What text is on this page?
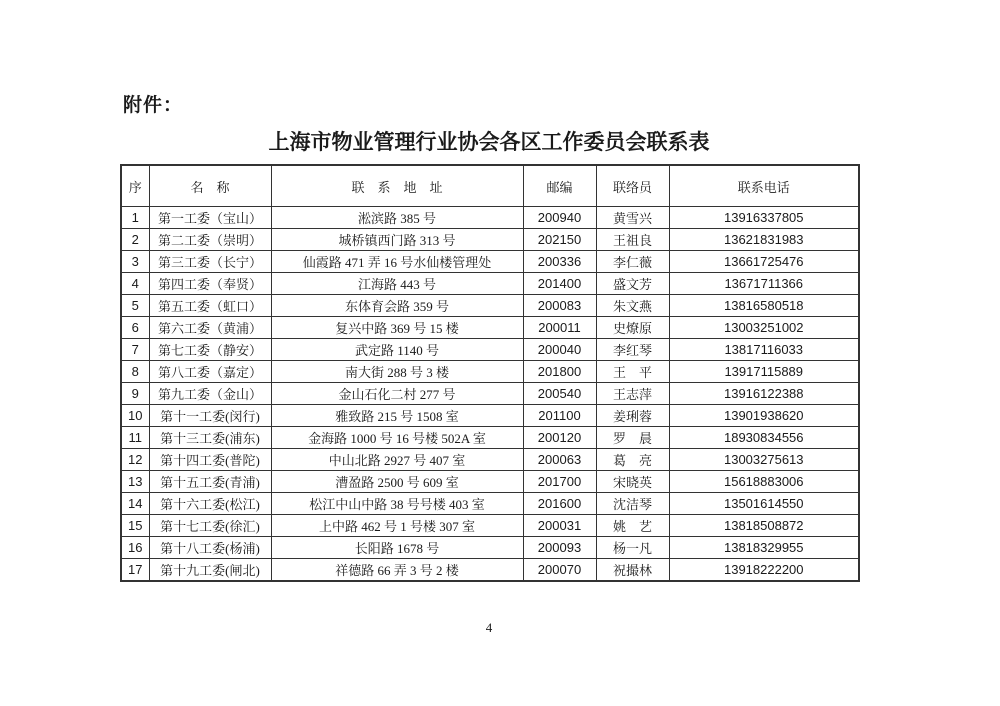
附件：
上海市物业管理行业协会各区工作委员会联系表
序	名　称	联　系　地　址	邮编	联络员	联系电话
1	第一工委（宝山）	淞滨路 385 号	200940	黄雪兴	13916337805
2	第二工委（崇明）	城桥镇西门路 313 号	202150	王祖良	13621831983
3	第三工委（长宁）	仙霞路 471 弄 16 号水仙楼管理处	200336	李仁薇	13661725476
4	第四工委（奉贤）	江海路 443 号	201400	盛文芳	13671711366
5	第五工委（虹口）	东体育会路 359 号	200083	朱文燕	13816580518
6	第六工委（黄浦）	复兴中路 369 号 15 楼	200011	史燎原	13003251002
7	第七工委（静安）	武定路 1140 号	200040	李红琴	13817116033
8	第八工委（嘉定）	南大街 288 号 3 楼	201800	王　平	13917115889
9	第九工委（金山）	金山石化二村 277 号	200540	王志萍	13916122388
10	第十一工委(闵行)	雅致路 215 号 1508 室	201100	姜琍蓉	13901938620
11	第十三工委(浦东)	金海路 1000 号 16 号楼 502A 室	200120	罗　晨	18930834556
12	第十四工委(普陀)	中山北路 2927 号 407 室	200063	葛　亮	13003275613
13	第十五工委(青浦)	漕盈路 2500 号 609 室	201700	宋晓英	15618883006
14	第十六工委(松江)	松江中山中路 38 号号楼 403 室	201600	沈洁琴	13501614550
15	第十七工委(徐汇)	上中路 462 号 1 号楼 307 室	200031	姚　艺	13818508872
16	第十八工委(杨浦)	长阳路 1678 号	200093	杨一凡	13818329955
17	第十九工委(闸北)	祥德路 66 弄 3 号 2 楼	200070	祝撮林	13918222200
4
